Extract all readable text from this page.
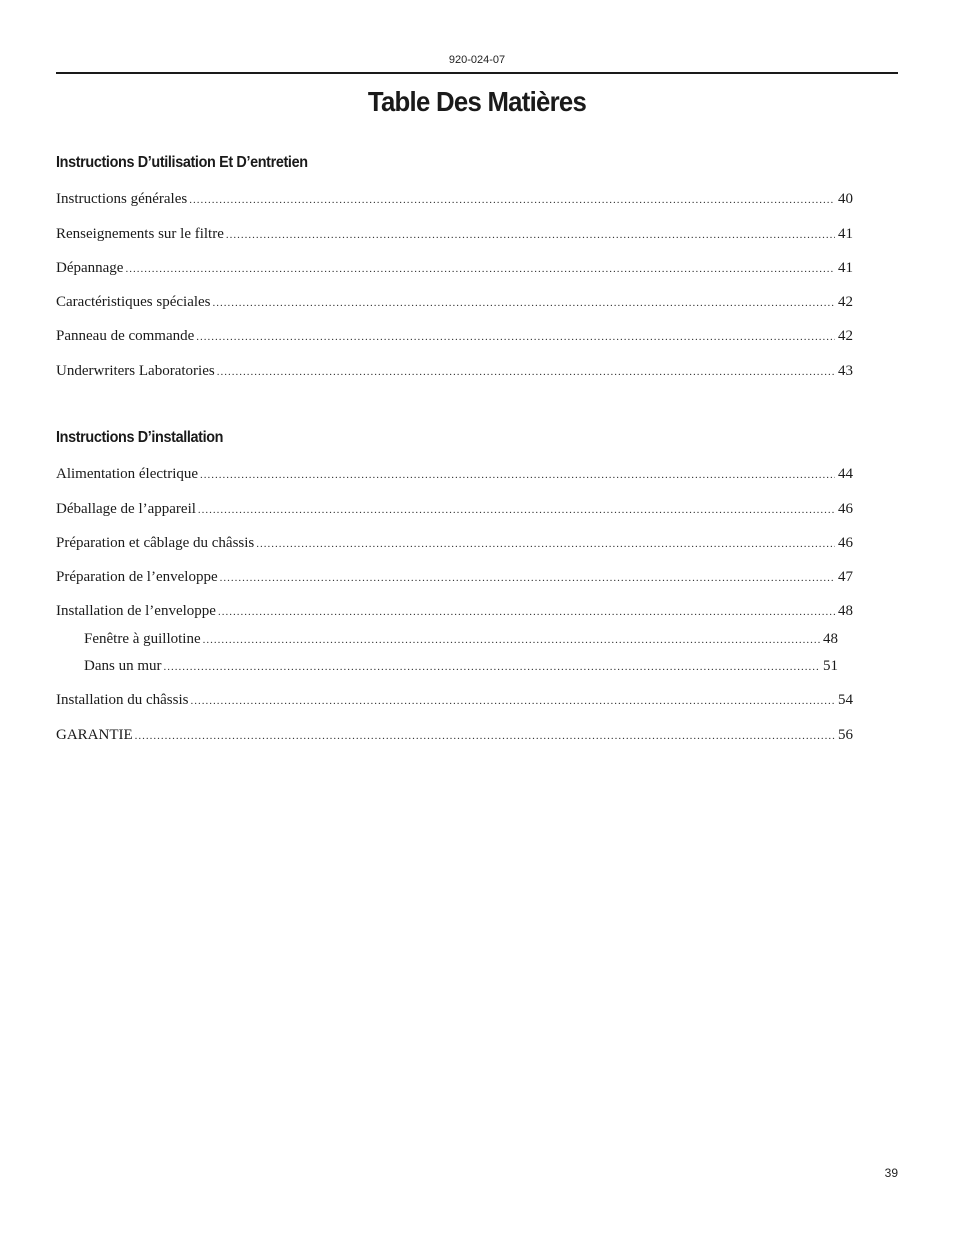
920-024-07
Table Des Matières
Instructions D’utilisation Et D’entretien
Instructions générales .....	40
Renseignements sur le filtre .....	41
Dépannage .....	41
Caractéristiques spéciales .....	42
Panneau de commande .....	42
Underwriters Laboratories .....	43
Instructions D’installation
Alimentation électrique .....	44
Déballage de l’appareil .....	46
Préparation et câblage du châssis .....	46
Préparation de l’enveloppe .....	47
Installation de l’enveloppe .....	48
Fenêtre à guillotine .....	48
Dans un mur .....	51
Installation du châssis .....	54
GARANTIE .....	56
39
